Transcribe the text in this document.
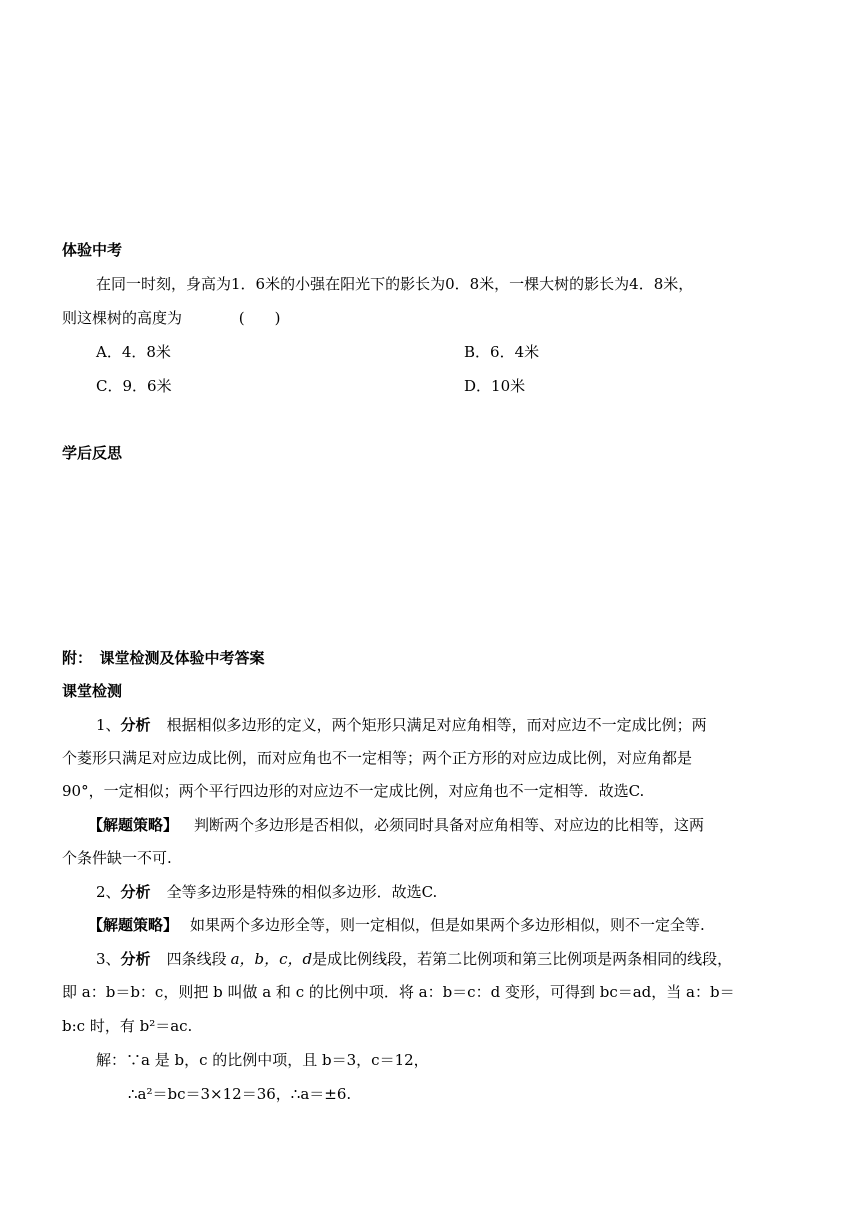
体验中考
在同一时刻，身高为1．6米的小强在阳光下的影长为0．8米，一棵大树的影长为4．8米，
则这棵树的高度为	(　　)
A．4．8米	B．6．4米
C．9．6米	D．10米
学后反思
附：　课堂检测及体验中考答案
课堂检测
1、分析 根据相似多边形的定义，两个矩形只满足对应角相等，而对应边不一定成比例；两
个菱形只满足对应边成比例，而对应角也不一定相等；两个正方形的对应边成比例，对应角都是
90°，一定相似；两个平行四边形的对应边不一定成比例，对应角也不一定相等．故选C.
【解题策略】 判断两个多边形是否相似，必须同时具备对应角相等、对应边的比相等，这两
个条件缺一不可.
2、分析 全等多边形是特殊的相似多边形．故选C.
【解题策略】 如果两个多边形全等，则一定相似，但是如果两个多边形相似，则不一定全等.
3、分析 四条线段 a，b，c，d是成比例线段，若第二比例项和第三比例项是两条相同的线段，
即 a：b＝b：c，则把 b 叫做 a 和 c 的比例中项．将 a：b＝c：d 变形，可得到 bc＝ad，当 a：b＝
b:c 时，有 b²＝ac.
解：∵a 是 b，c 的比例中项，且 b＝3，c＝12，
∴a²＝bc＝3×12＝36，∴a＝±6.
